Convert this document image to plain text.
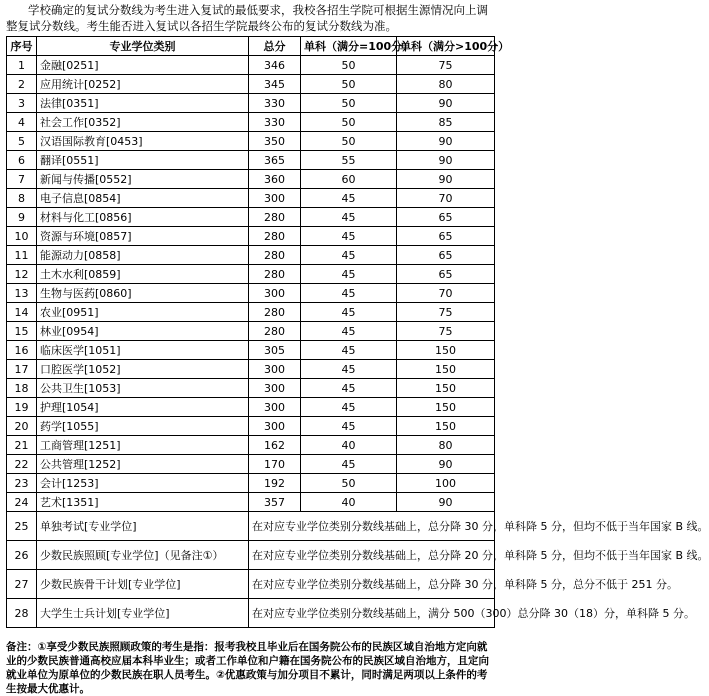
学校确定的复试分数线为考生进入复试的最低要求，我校各招生学院可根据生源情况向上调整复试分数线。考生能否进入复试以各招生学院最终公布的复试分数线为准。

序号	专业学位类别	总分	单科（满分=100分）	单科（满分>100分）
1	金融[0251]	346	50	75
2	应用统计[0252]	345	50	80
3	法律[0351]	330	50	90
4	社会工作[0352]	330	50	85
5	汉语国际教育[0453]	350	50	90
6	翻译[0551]	365	55	90
7	新闻与传播[0552]	360	60	90
8	电子信息[0854]	300	45	70
9	材料与化工[0856]	280	45	65
10	资源与环境[0857]	280	45	65
11	能源动力[0858]	280	45	65
12	土木水利[0859]	280	45	65
13	生物与医药[0860]	300	45	70
14	农业[0951]	280	45	75
15	林业[0954]	280	45	75
16	临床医学[1051]	305	45	150
17	口腔医学[1052]	300	45	150
18	公共卫生[1053]	300	45	150
19	护理[1054]	300	45	150
20	药学[1055]	300	45	150
21	工商管理[1251]	162	40	80
22	公共管理[1252]	170	45	90
23	会计[1253]	192	50	100
24	艺术[1351]	357	40	90
25	单独考试[专业学位]	在对应专业学位类别分数线基础上，总分降 30 分，单科降 5 分，但均不低于当年国家 B 线。		
26	少数民族照顾[专业学位]（见备注①）	在对应专业学位类别分数线基础上，总分降 20 分，单科降 5 分，但均不低于当年国家 B 线。		
27	少数民族骨干计划[专业学位]	在对应专业学位类别分数线基础上，总分降 30 分，单科降 5 分，总分不低于 251 分。		
28	大学生士兵计划[专业学位]	在对应专业学位类别分数线基础上，满分 500（300）总分降 30（18）分，单科降 5 分。		

备注：①享受少数民族照顾政策的考生是指：报考我校且毕业后在国务院公布的民族区域自治地方定向就业的少数民族普通高校应届本科毕业生；或者工作单位和户籍在国务院公布的民族区域自治地方，且定向就业单位为原单位的少数民族在职人员考生。②优惠政策与加分项目不累计，同时满足两项以上条件的考生按最大优惠计。
